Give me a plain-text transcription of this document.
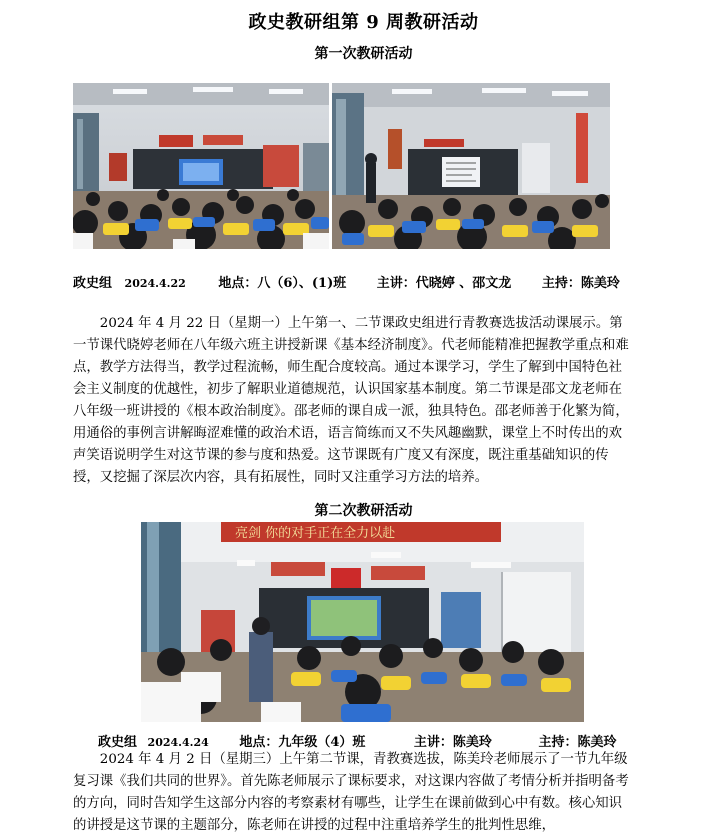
政史教研组第 9 周教研活动
第一次教研活动
政史组 2024.4.22	地点：八（6）、(1)班 主讲：代晓婷 、邵文龙 主持：陈美玲

2024 年 4 月 22 日（星期一）上午第一、二节课政史组进行青教赛选拔活动课展示。第一节课代晓婷老师在八年级六班主讲授新课《基本经济制度》。代老师能精准把握教学重点和难点，教学方法得当，教学过程流畅，师生配合度较高。通过本课学习，学生了解到中国特色社会主义制度的优越性，初步了解职业道德规范，认识国家基本制度。第二节课是邵文龙老师在八年级一班讲授的《根本政治制度》。邵老师的课自成一派，独具特色。邵老师善于化繁为简，用通俗的事例言讲解晦涩难懂的政治术语，语言简练而又不失风趣幽默，课堂上不时传出的欢声笑语说明学生对这节课的参与度和热爱。这节课既有广度又有深度，既注重基础知识的传授，又挖掘了深层次内容，具有拓展性，同时又注重学习方法的培养。

第二次教研活动
亮剑 你的对手正在全力以赴
政史组 2024.4.24 地点：九年级（4）班	主讲：陈美玲	主持：陈美玲

2024 年 4 月 2 日（星期三）上午第二节课，青教赛选拔，陈美玲老师展示了一节九年级复习课《我们共同的世界》。首先陈老师展示了课标要求，对这课内容做了考情分析并指明备考的方向，同时告知学生这部分内容的考察素材有哪些，让学生在课前做到心中有数。核心知识的讲授是这节课的主题部分，陈老师在讲授的过程中注重培养学生的批判性思维，
